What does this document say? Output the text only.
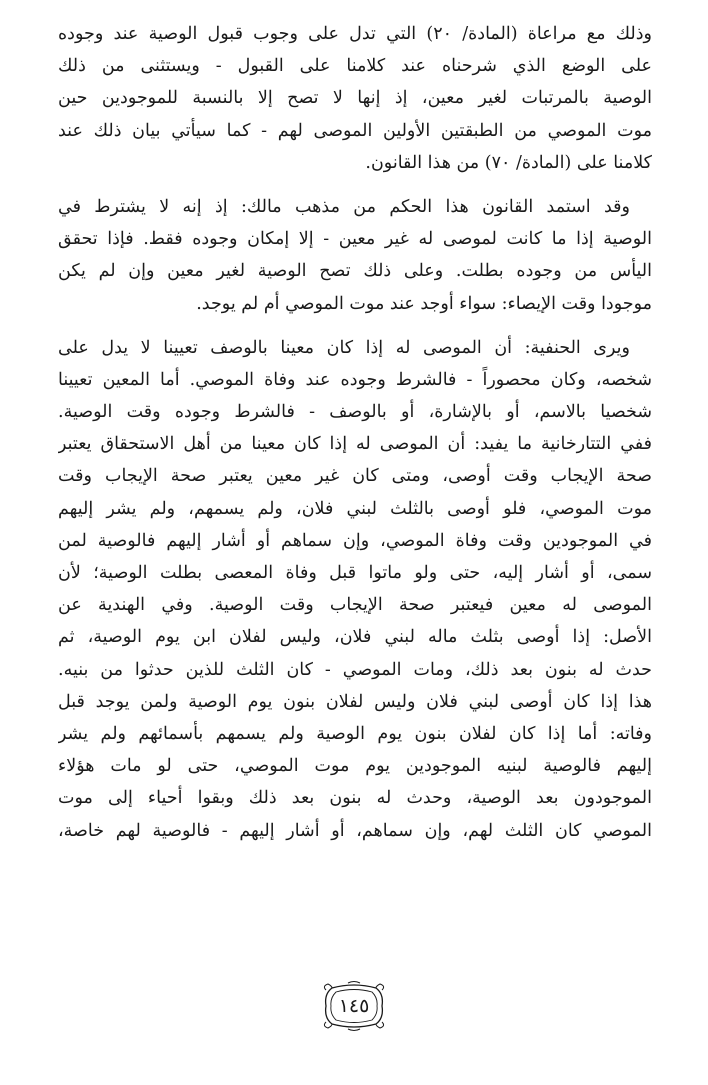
وذلك مع مراعاة (المادة/ ٢٠) التي تدل على وجوب قبول الوصية عند وجوده
على الوضع الذي شرحناه عند كلامنا على القبول - ويستثنى من ذلك
الوصية بالمرتبات لغير معين، إذ إنها لا تصح إلا بالنسبة للموجودين حين
موت الموصي من الطبقتين الأولين الموصى لهم - كما سيأتي بيان ذلك عند
كلامنا على (المادة/ ٧٠) من هذا القانون.
وقد استمد القانون هذا الحكم من مذهب مالك: إذ إنه لا يشترط في
الوصية إذا ما كانت لموصى له غير معين - إلا إمكان وجوده فقط. فإذا تحقق
اليأس من وجوده بطلت. وعلى ذلك تصح الوصية لغير معين وإن لم يكن
موجودا وقت الإيصاء: سواء أوجد عند موت الموصي أم لم يوجد.
ويرى الحنفية: أن الموصى له إذا كان معينا بالوصف تعيينا لا يدل على
شخصه، وكان محصوراً - فالشرط وجوده عند وفاة الموصي. أما المعين تعيينا
شخصيا بالاسم، أو بالإشارة، أو بالوصف - فالشرط وجوده وقت الوصية.
ففي التتارخانية ما يفيد: أن الموصى له إذا كان معينا من أهل الاستحقاق يعتبر
صحة الإيجاب وقت أوصى، ومتى كان غير معين يعتبر صحة الإيجاب وقت
موت الموصي، فلو أوصى بالثلث لبني فلان، ولم يسمهم، ولم يشر إليهم
في الموجودين وقت وفاة الموصي، وإن سماهم أو أشار إليهم فالوصية لمن
سمى، أو أشار إليه، حتى ولو ماتوا قبل وفاة المعصى بطلت الوصية؛ لأن
الموصى له معين فيعتبر صحة الإيجاب وقت الوصية. وفي الهندية عن
الأصل: إذا أوصى بثلث ماله لبني فلان، وليس لفلان ابن يوم الوصية، ثم
حدث له بنون بعد ذلك، ومات الموصي - كان الثلث للذين حدثوا من بنيه.
هذا إذا كان أوصى لبني فلان وليس لفلان بنون يوم الوصية ولمن يوجد قبل
وفاته: أما إذا كان لفلان بنون يوم الوصية ولم يسمهم بأسمائهم ولم يشر
إليهم فالوصية لبنيه الموجودين يوم موت الموصي، حتى لو مات هؤلاء
الموجودون بعد الوصية، وحدث له بنون بعد ذلك وبقوا أحياء إلى موت
الموصي كان الثلث لهم، وإن سماهم، أو أشار إليهم - فالوصية لهم خاصة،
١٤٥
